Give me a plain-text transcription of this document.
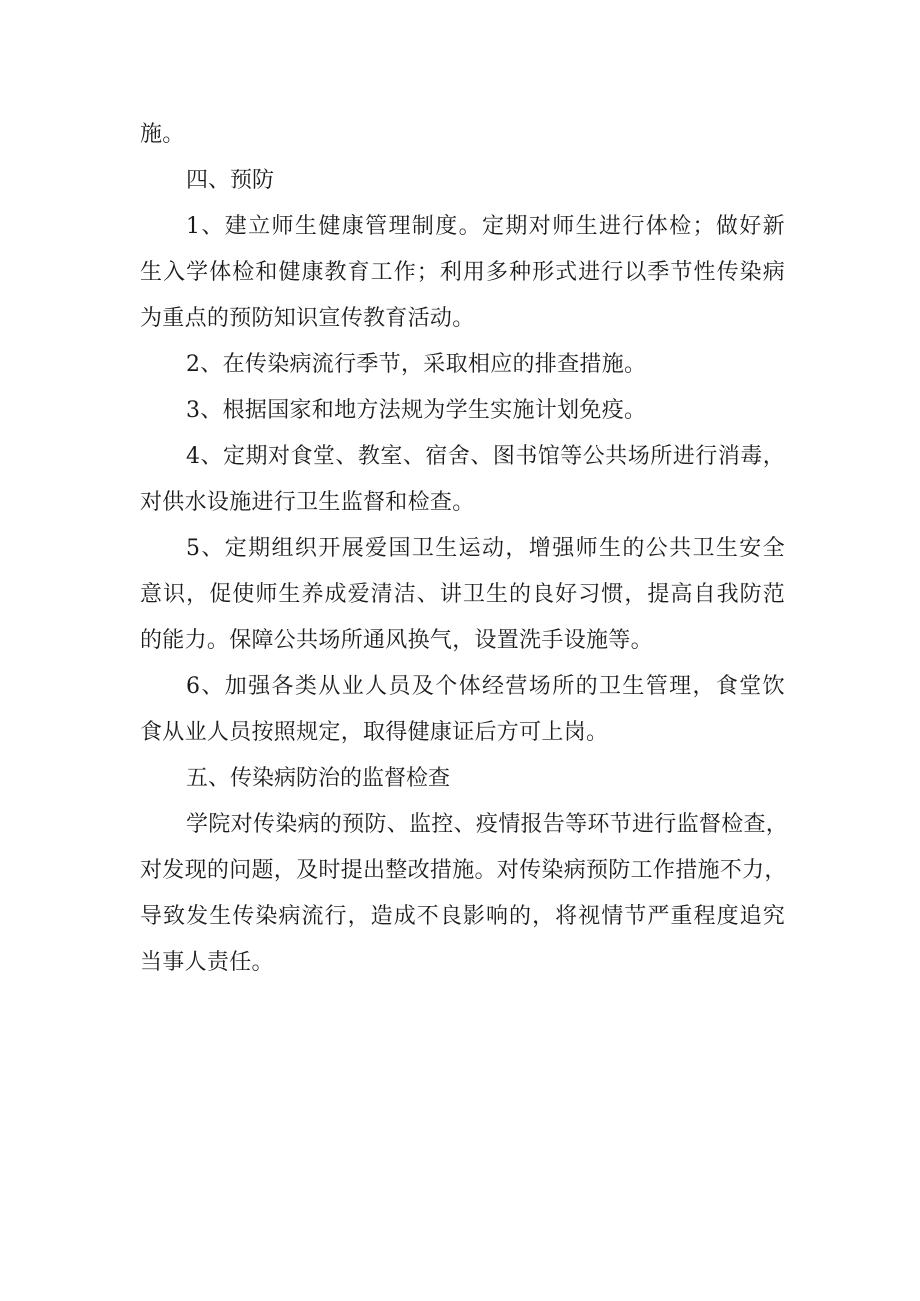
施。
四、预防
1、建立师生健康管理制度。定期对师生进行体检；做好新
生入学体检和健康教育工作；利用多种形式进行以季节性传染病
为重点的预防知识宣传教育活动。
2、在传染病流行季节，采取相应的排查措施。
3、根据国家和地方法规为学生实施计划免疫。
4、定期对食堂、教室、宿舍、图书馆等公共场所进行消毒，
对供水设施进行卫生监督和检查。
5、定期组织开展爱国卫生运动，增强师生的公共卫生安全
意识，促使师生养成爱清洁、讲卫生的良好习惯，提高自我防范
的能力。保障公共场所通风换气，设置洗手设施等。
6、加强各类从业人员及个体经营场所的卫生管理，食堂饮
食从业人员按照规定，取得健康证后方可上岗。
五、传染病防治的监督检查
学院对传染病的预防、监控、疫情报告等环节进行监督检查，
对发现的问题，及时提出整改措施。对传染病预防工作措施不力，
导致发生传染病流行，造成不良影响的，将视情节严重程度追究
当事人责任。
